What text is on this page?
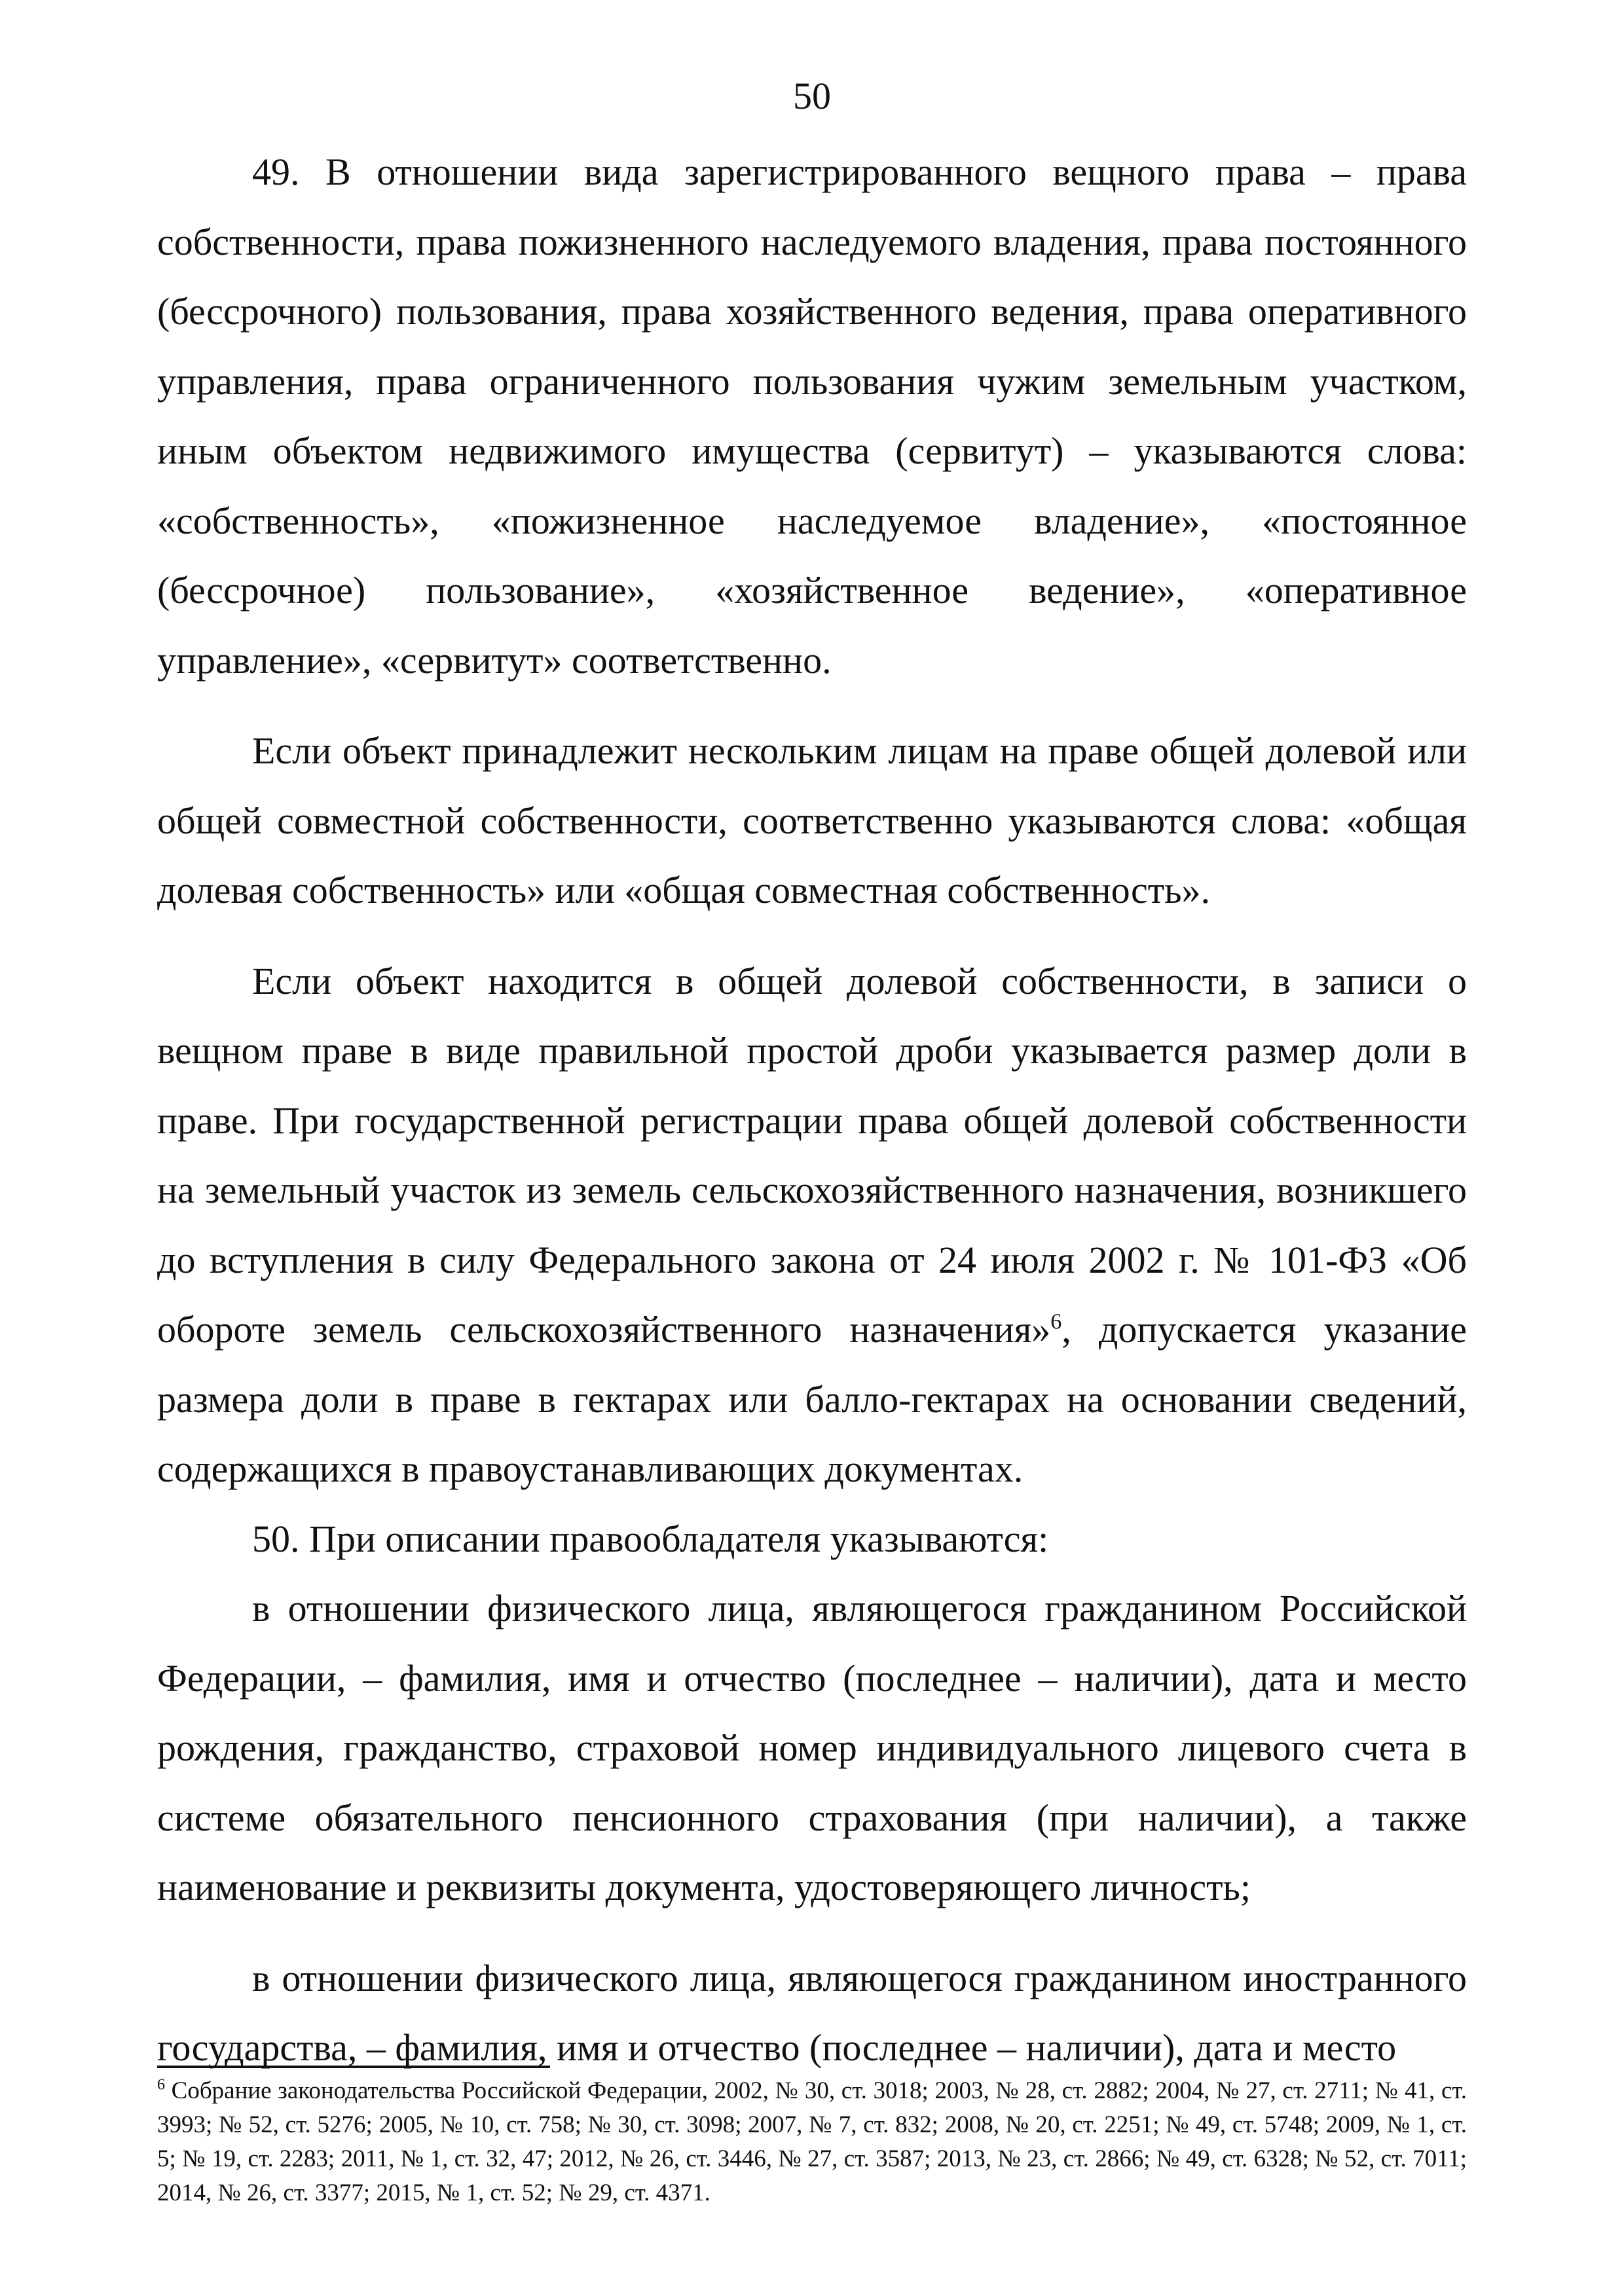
50

49. В отношении вида зарегистрированного вещного права – права собственности, права пожизненного наследуемого владения, права постоянного (бессрочного) пользования, права хозяйственного ведения, права оперативного управления, права ограниченного пользования чужим земельным участком, иным объектом недвижимого имущества (сервитут) – указываются слова: «собственность», «пожизненное наследуемое владение», «постоянное (бессрочное) пользование», «хозяйственное ведение», «оперативное управление», «сервитут» соответственно.

Если объект принадлежит нескольким лицам на праве общей долевой или общей совместной собственности, соответственно указываются слова: «общая долевая собственность» или «общая совместная собственность».

Если объект находится в общей долевой собственности, в записи о вещном праве в виде правильной простой дроби указывается размер доли в праве. При государственной регистрации права общей долевой собственности на земельный участок из земель сельскохозяйственного назначения, возникшего до вступления в силу Федерального закона от 24 июля 2002 г. № 101-ФЗ «Об обороте земель сельскохозяйственного назначения»$^6$, допускается указание размера доли в праве в гектарах или балло-гектарах на основании сведений, содержащихся в правоустанавливающих документах.

50. При описании правообладателя указываются:

в отношении физического лица, являющегося гражданином Российской Федерации, – фамилия, имя и отчество (последнее – наличии), дата и место рождения, гражданство, страховой номер индивидуального лицевого счета в системе обязательного пенсионного страхования (при наличии), а также наименование и реквизиты документа, удостоверяющего личность;

в отношении физического лица, являющегося гражданином иностранного государства, – фамилия, имя и отчество (последнее – наличии), дата и место

$^6$ Собрание законодательства Российской Федерации, 2002, № 30, ст. 3018; 2003, № 28, ст. 2882; 2004, № 27, ст. 2711; № 41, ст. 3993; № 52, ст. 5276; 2005, № 10, ст. 758; № 30, ст. 3098; 2007, № 7, ст. 832; 2008, № 20, ст. 2251; № 49, ст. 5748; 2009, № 1, ст. 5; № 19, ст. 2283; 2011, № 1, ст. 32, 47; 2012, № 26, ст. 3446, № 27, ст. 3587; 2013, № 23, ст. 2866; № 49, ст. 6328; № 52, ст. 7011; 2014, № 26, ст. 3377; 2015, № 1, ст. 52; № 29, ст. 4371.
